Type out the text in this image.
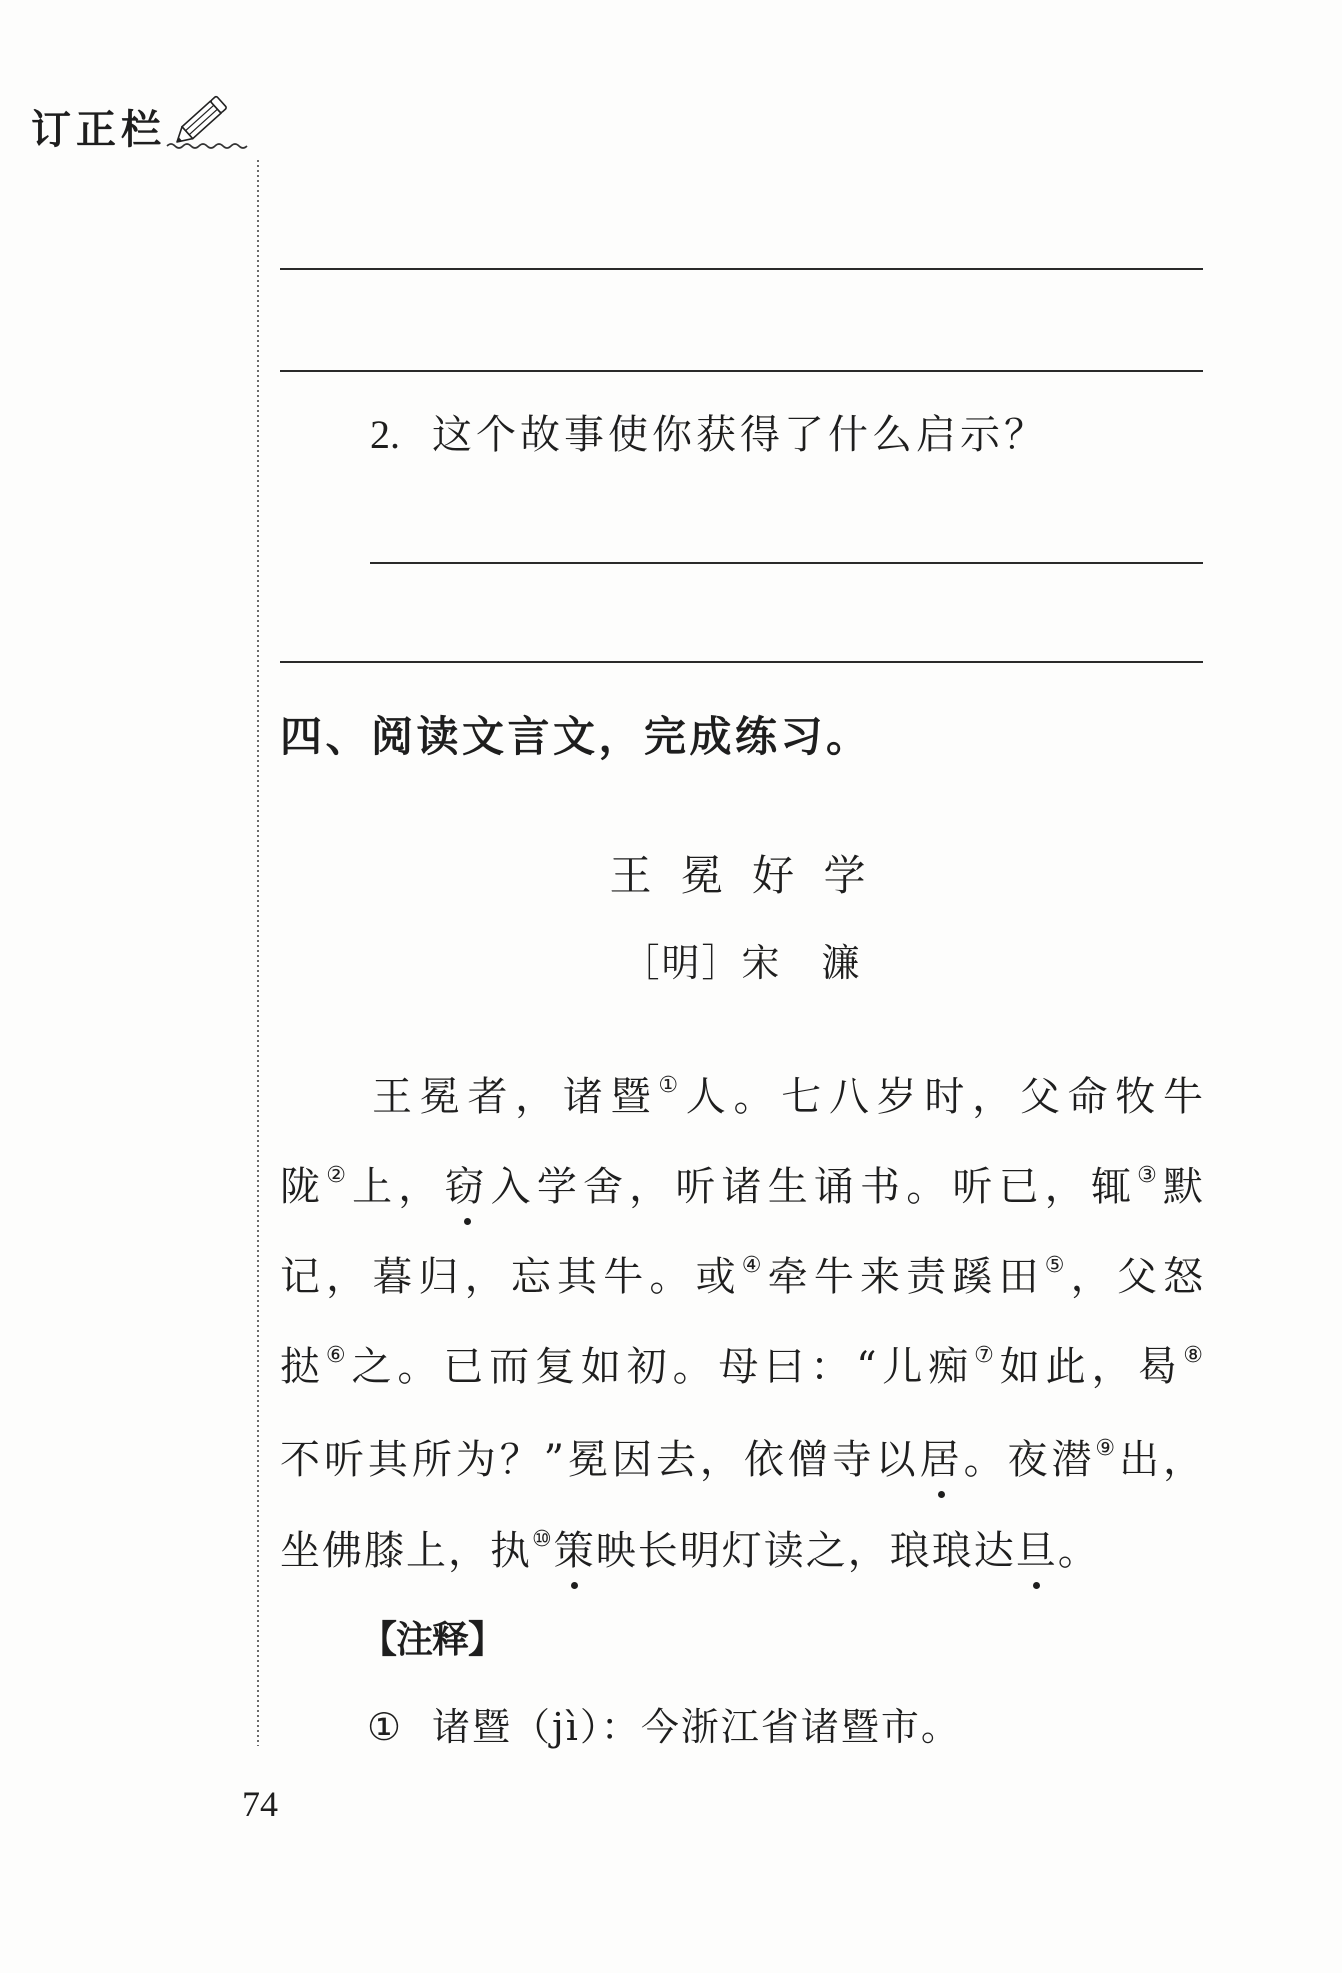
订正栏
2. 这个故事使你获得了什么启示？
四、阅读文言文，完成练习。
王 冕 好 学
［明］宋　濂
王冕者，诸暨①人。七八岁时，父命牧牛
陇②上，窃入学舍，听诸生诵书。听已，辄③默
记，暮归，忘其牛。或④牵牛来责蹊田⑤，父怒
挞⑥之。已而复如初。母曰：“儿痴⑦如此，曷⑧
不听其所为？”冕因去，依僧寺以居。夜潜⑨出，
坐佛膝上，执⑩策映长明灯读之，琅琅达旦。
【注释】
① 诸暨（jì）：今浙江省诸暨市。
74
